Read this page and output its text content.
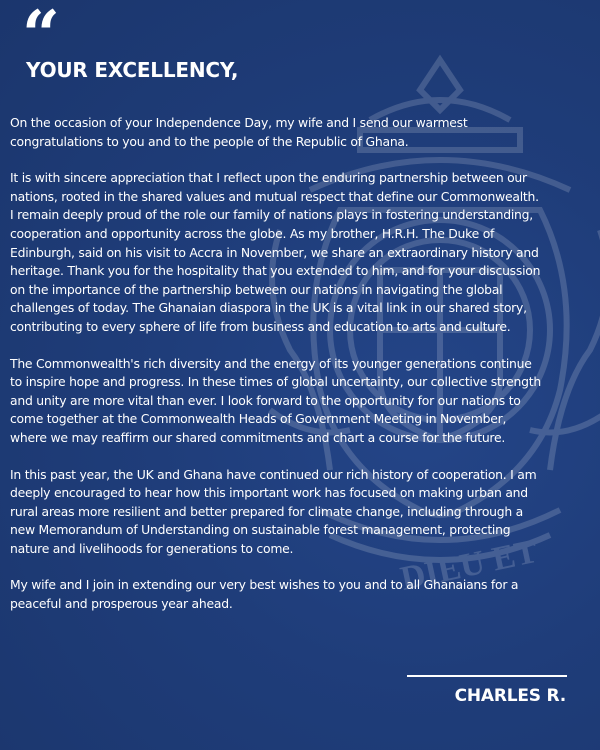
DIEU ET
“
YOUR EXCELLENCY,

On the occasion of your Independence Day, my wife and I send our warmest
congratulations to you and to the people of the Republic of Ghana.

It is with sincere appreciation that I reflect upon the enduring partnership between our
nations, rooted in the shared values and mutual respect that define our Commonwealth.
I remain deeply proud of the role our family of nations plays in fostering understanding,
cooperation and opportunity across the globe. As my brother, H.R.H. The Duke of
Edinburgh, said on his visit to Accra in November, we share an extraordinary history and
heritage. Thank you for the hospitality that you extended to him, and for your discussion
on the importance of the partnership between our nations in navigating the global
challenges of today. The Ghanaian diaspora in the UK is a vital link in our shared story,
contributing to every sphere of life from business and education to arts and culture.

The Commonwealth's rich diversity and the energy of its younger generations continue
to inspire hope and progress. In these times of global uncertainty, our collective strength
and unity are more vital than ever. I look forward to the opportunity for our nations to
come together at the Commonwealth Heads of Government Meeting in November,
where we may reaffirm our shared commitments and chart a course for the future.

In this past year, the UK and Ghana have continued our rich history of cooperation. I am
deeply encouraged to hear how this important work has focused on making urban and
rural areas more resilient and better prepared for climate change, including through a
new Memorandum of Understanding on sustainable forest management, protecting
nature and livelihoods for generations to come.

My wife and I join in extending our very best wishes to you and to all Ghanaians for a
peaceful and prosperous year ahead.

CHARLES R.
